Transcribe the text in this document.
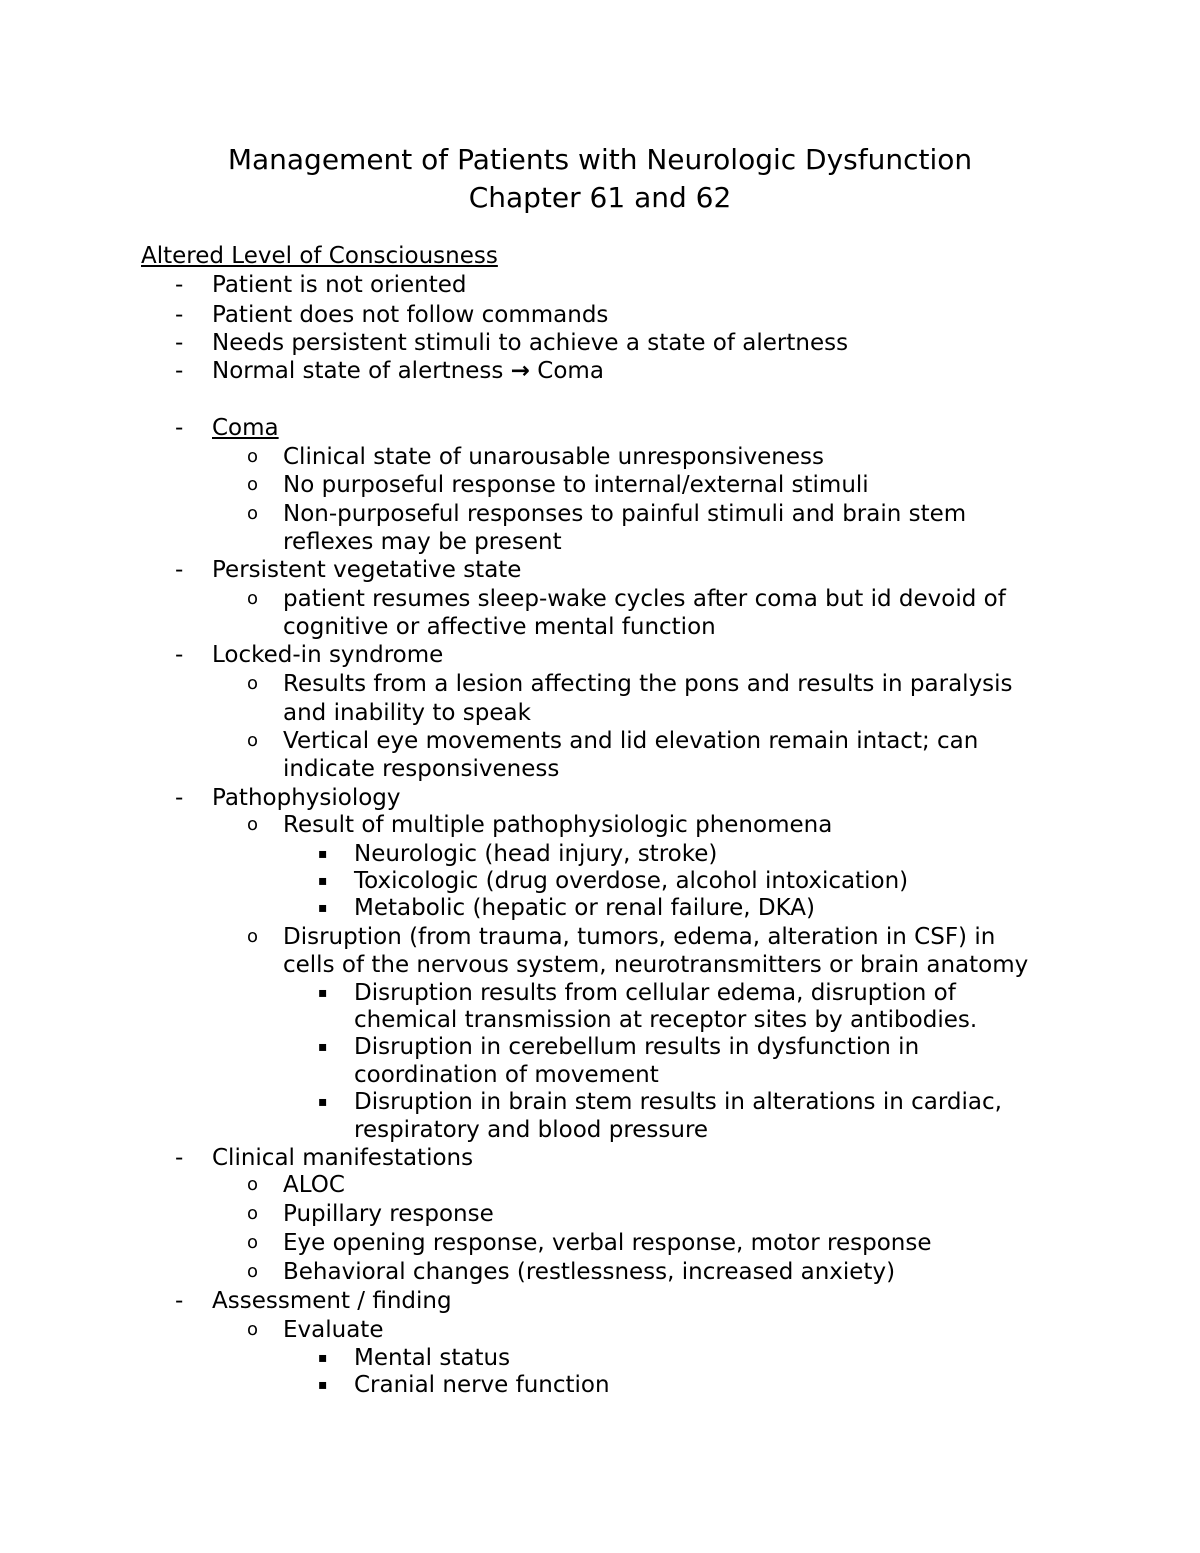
Management of Patients with Neurologic Dysfunction
Chapter 61 and 62
Altered Level of Consciousness
- Patient is not oriented
- Patient does not follow commands
- Needs persistent stimuli to achieve a state of alertness
- Normal state of alertness → Coma
- Coma
o Clinical state of unarousable unresponsiveness
o No purposeful response to internal/external stimuli
o Non-purposeful responses to painful stimuli and brain stem
reflexes may be present
- Persistent vegetative state
o patient resumes sleep-wake cycles after coma but id devoid of
cognitive or affective mental function
- Locked-in syndrome
o Results from a lesion affecting the pons and results in paralysis
and inability to speak
o Vertical eye movements and lid elevation remain intact; can
indicate responsiveness
- Pathophysiology
o Result of multiple pathophysiologic phenomena
▪ Neurologic (head injury, stroke)
▪ Toxicologic (drug overdose, alcohol intoxication)
▪ Metabolic (hepatic or renal failure, DKA)
o Disruption (from trauma, tumors, edema, alteration in CSF) in
cells of the nervous system, neurotransmitters or brain anatomy
▪ Disruption results from cellular edema, disruption of
chemical transmission at receptor sites by antibodies.
▪ Disruption in cerebellum results in dysfunction in
coordination of movement
▪ Disruption in brain stem results in alterations in cardiac,
respiratory and blood pressure
- Clinical manifestations
o ALOC
o Pupillary response
o Eye opening response, verbal response, motor response
o Behavioral changes (restlessness, increased anxiety)
- Assessment / finding
o Evaluate
▪ Mental status
▪ Cranial nerve function
